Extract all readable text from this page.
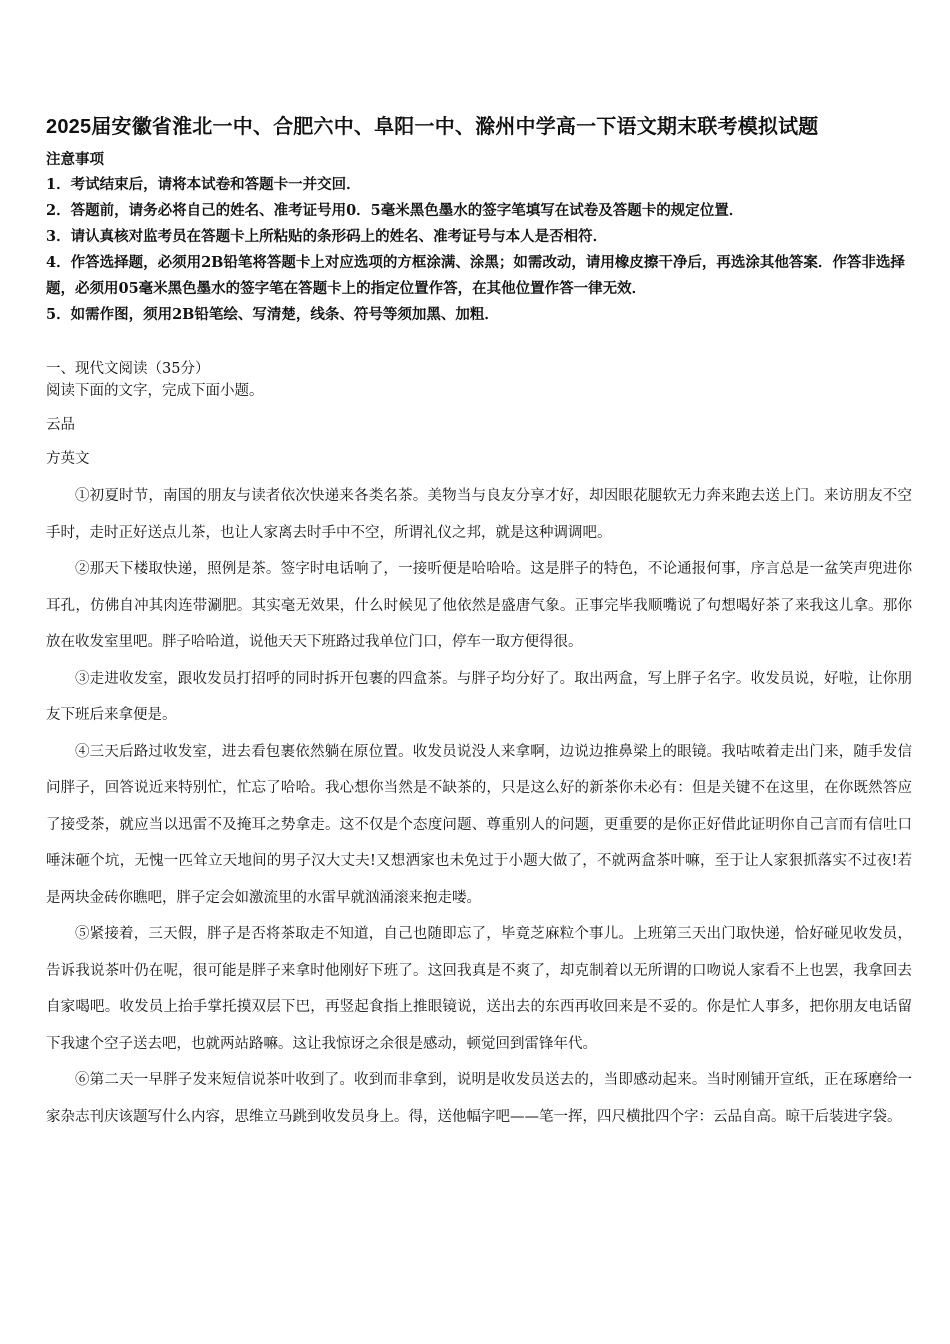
2025届安徽省淮北一中、合肥六中、阜阳一中、滁州中学高一下语文期末联考模拟试题

注意事项

1．考试结束后，请将本试卷和答题卡一并交回．

2．答题前，请务必将自己的姓名、准考证号用0．5毫米黑色墨水的签字笔填写在试卷及答题卡的规定位置．

3．请认真核对监考员在答题卡上所粘贴的条形码上的姓名、准考证号与本人是否相符．

4．作答选择题，必须用2B铅笔将答题卡上对应选项的方框涂满、涂黑；如需改动，请用橡皮擦干净后，再选涂其他答案．作答非选择题，必须用05毫米黑色墨水的签字笔在答题卡上的指定位置作答，在其他位置作答一律无效．

5．如需作图，须用2B铅笔绘、写清楚，线条、符号等须加黑、加粗．

一、现代文阅读（35分）

阅读下面的文字，完成下面小题。

云品

方英文

①初夏时节，南国的朋友与读者依次快递来各类名茶。美物当与良友分享才好，却因眼花腿软无力奔来跑去送上门。来访朋友不空手时，走时正好送点儿茶，也让人家离去时手中不空，所谓礼仪之邦，就是这种调调吧。

②那天下楼取快递，照例是茶。签字时电话响了，一接听便是哈哈哈。这是胖子的特色，不论通报何事，序言总是一盆笑声兜进你耳孔，仿佛自冲其肉连带涮肥。其实毫无效果，什么时候见了他依然是盛唐气象。正事完毕我顺嘴说了句想喝好茶了来我这儿拿。那你放在收发室里吧。胖子哈哈道，说他天天下班路过我单位门口，停车一取方便得很。

③走进收发室，跟收发员打招呼的同时拆开包裹的四盒茶。与胖子均分好了。取出两盒，写上胖子名字。收发员说，好啦，让你朋友下班后来拿便是。

④三天后路过收发室，进去看包裹依然躺在原位置。收发员说没人来拿啊，边说边推鼻梁上的眼镜。我咕哝着走出门来，随手发信问胖子，回答说近来特别忙，忙忘了哈哈。我心想你当然是不缺茶的，只是这么好的新茶你未必有：但是关键不在这里，在你既然答应了接受茶，就应当以迅雷不及掩耳之势拿走。这不仅是个态度问题、尊重别人的问题，更重要的是你正好借此证明你自己言而有信吐口唾沫砸个坑，无愧一匹耸立天地间的男子汉大丈夫!又想洒家也未免过于小题大做了，不就两盒茶叶嘛，至于让人家狠抓落实不过夜!若是两块金砖你瞧吧，胖子定会如激流里的水雷早就汹涌滚来抱走喽。

⑤紧接着，三天假，胖子是否将茶取走不知道，自己也随即忘了，毕竟芝麻粒个事儿。上班第三天出门取快递，恰好碰见收发员，告诉我说茶叶仍在呢，很可能是胖子来拿时他刚好下班了。这回我真是不爽了，却克制着以无所谓的口吻说人家看不上也罢，我拿回去自家喝吧。收发员上抬手掌托摸双层下巴，再竖起食指上推眼镜说，送出去的东西再收回来是不妥的。你是忙人事多，把你朋友电话留下我逮个空子送去吧，也就两站路嘛。这让我惊讶之余很是感动，顿觉回到雷锋年代。

⑥第二天一早胖子发来短信说茶叶收到了。收到而非拿到，说明是收发员送去的，当即感动起来。当时刚铺开宣纸，正在琢磨给一家杂志刊庆该题写什么内容，思维立马跳到收发员身上。得，送他幅字吧——笔一挥，四尺横批四个字：云品自高。晾干后装进字袋。
